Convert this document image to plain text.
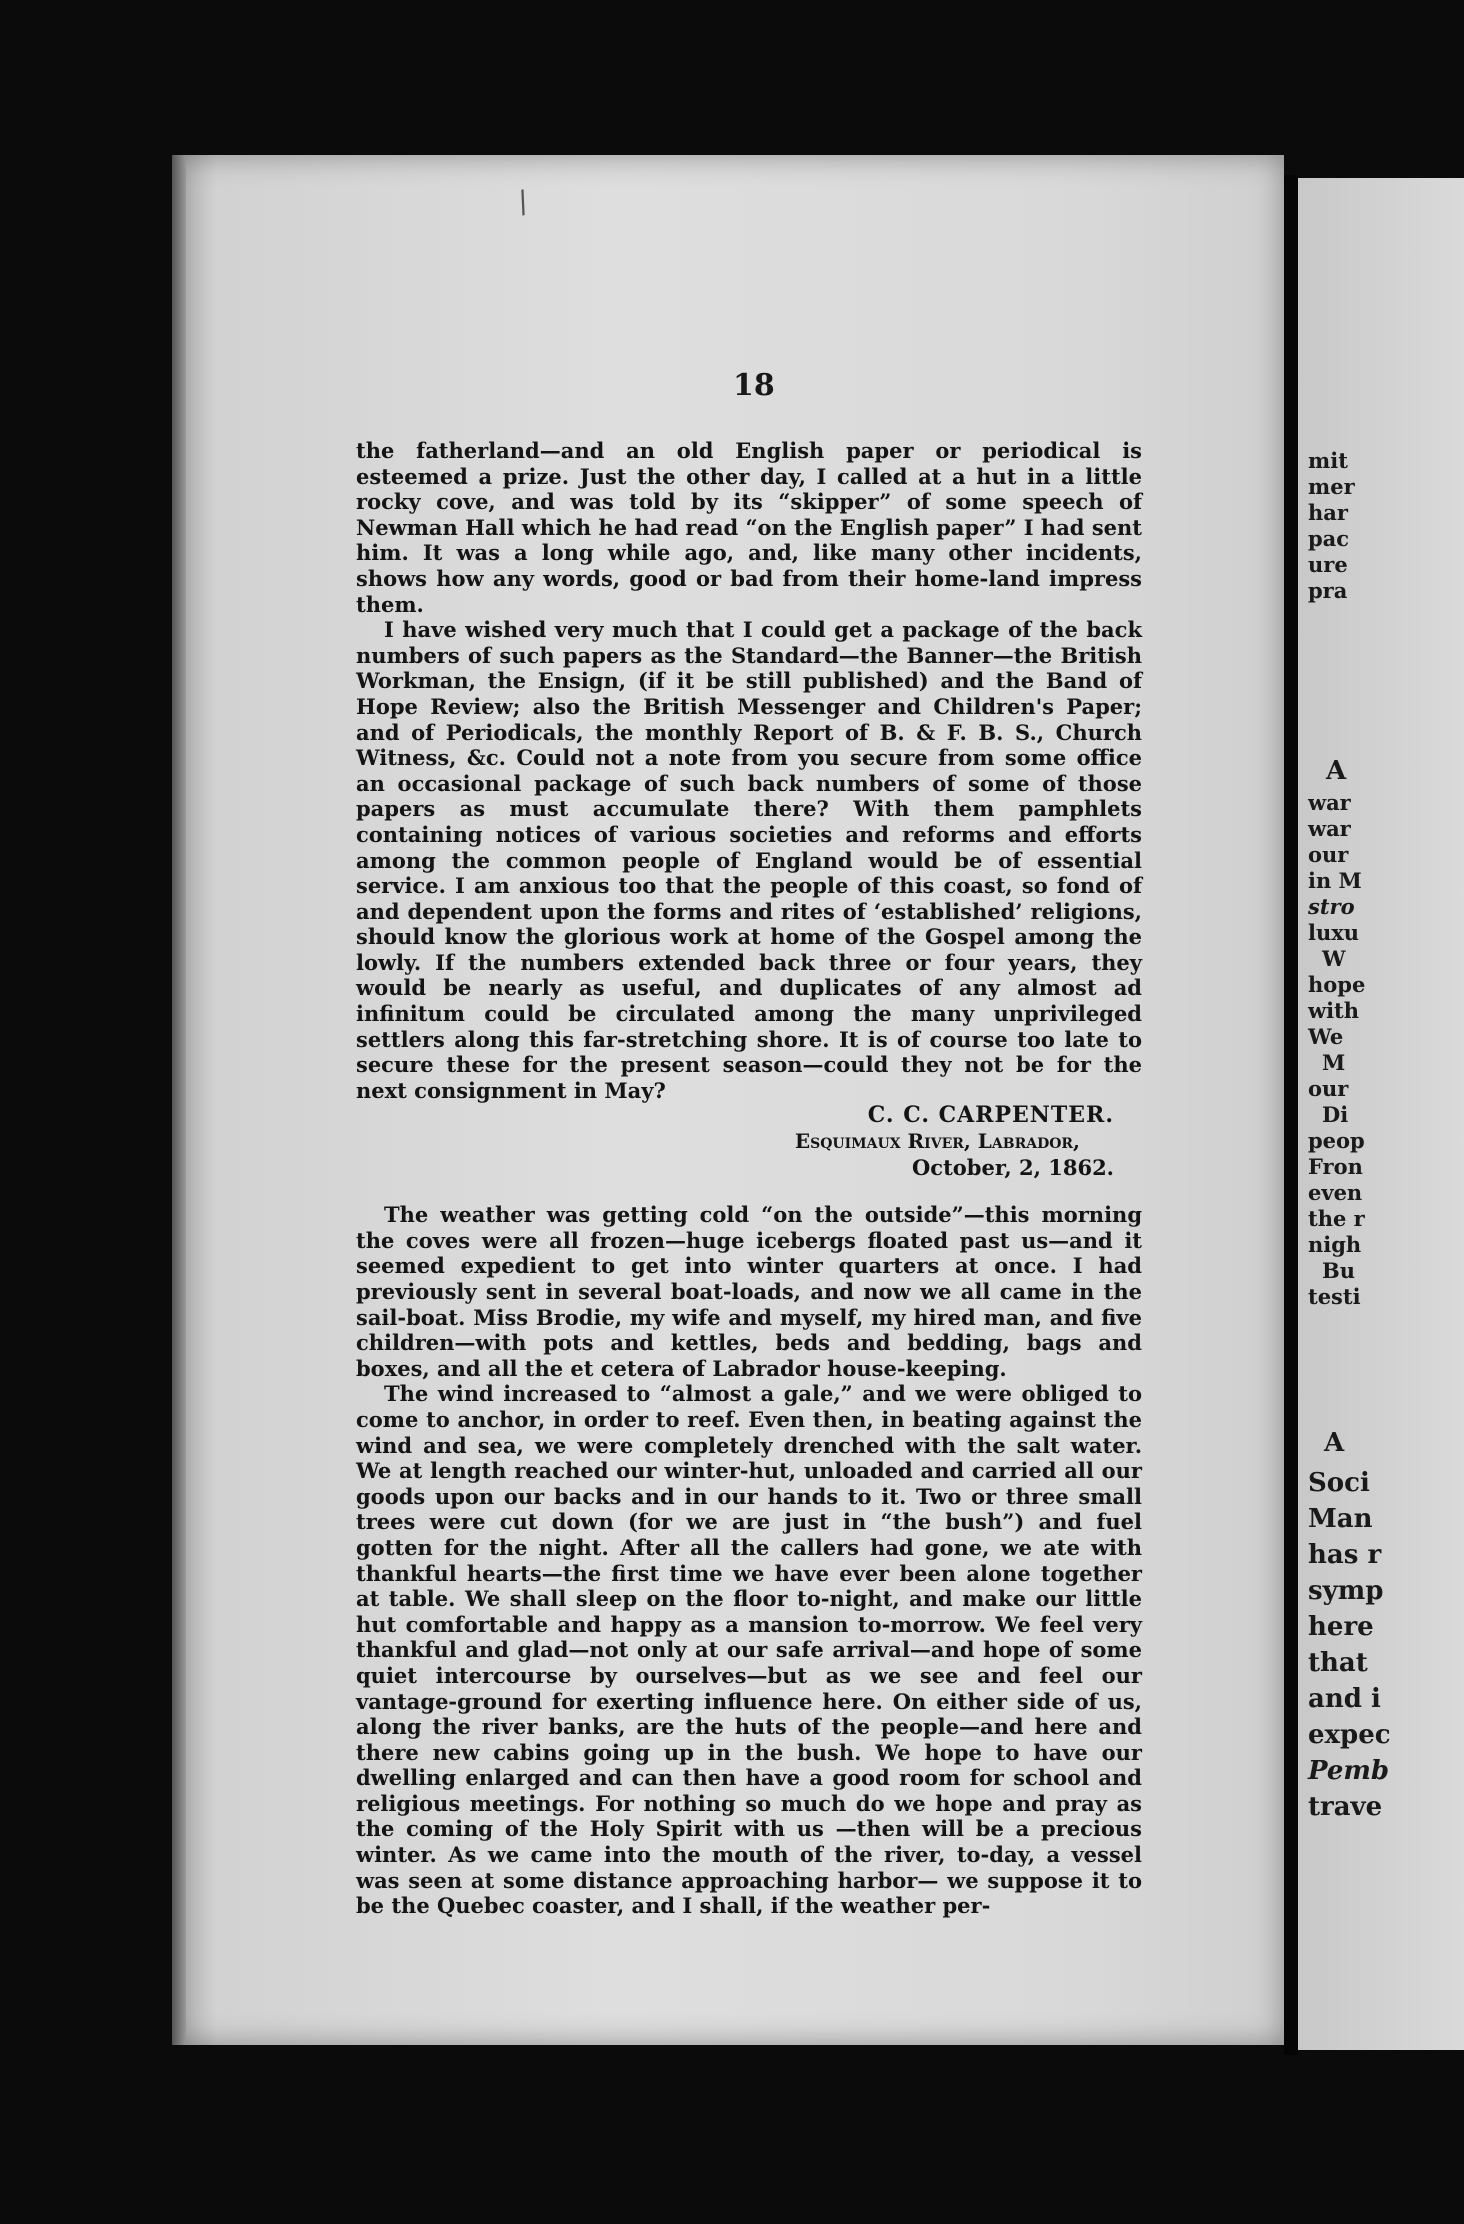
/
18

the fatherland—and an old English paper or periodical is esteemed a prize. Just the other day, I called at a hut in a little rocky cove, and was told by its “skipper” of some speech of Newman Hall which he had read “on the English paper” I had sent him. It was a long while ago, and, like many other incidents, shows how any words, good or bad from their home-land impress them.

I have wished very much that I could get a package of the back numbers of such papers as the Standard—the Banner—the British Workman, the Ensign, (if it be still published) and the Band of Hope Review; also the British Messenger and Children's Paper; and of Periodicals, the monthly Report of B. & F. B. S., Church Witness, &c. Could not a note from you secure from some office an occasional package of such back numbers of some of those papers as must accumulate there? With them pamphlets containing notices of various societies and reforms and efforts among the common people of England would be of essential service. I am anxious too that the people of this coast, so fond of and dependent upon the forms and rites of ‘established’ religions, should know the glorious work at home of the Gospel among the lowly. If the numbers extended back three or four years, they would be nearly as useful, and duplicates of any almost ad infinitum could be circulated among the many unprivileged settlers along this far-stretching shore. It is of course too late to secure these for the present season—could they not be for the next consignment in May?

C. C. CARPENTER.

Esquimaux River, Labrador,

October, 2, 1862.

The weather was getting cold “on the outside”—this morning the coves were all frozen—huge icebergs floated past us—and it seemed expedient to get into winter quarters at once. I had previously sent in several boat-loads, and now we all came in the sail-boat. Miss Brodie, my wife and myself, my hired man, and five children—with pots and kettles, beds and bedding, bags and boxes, and all the et cetera of Labrador house-keeping.

The wind increased to “almost a gale,” and we were obliged to come to anchor, in order to reef. Even then, in beating against the wind and sea, we were completely drenched with the salt water. We at length reached our winter-hut, unloaded and carried all our goods upon our backs and in our hands to it. Two or three small trees were cut down (for we are just in “the bush”) and fuel gotten for the night. After all the callers had gone, we ate with thankful hearts—the first time we have ever been alone together at table. We shall sleep on the floor to-night, and make our little hut comfortable and happy as a mansion to-morrow. We feel very thankful and glad—not only at our safe arrival—and hope of some quiet intercourse by ourselves—but as we see and feel our vantage-ground for exerting influence here. On either side of us, along the river banks, are the huts of the people—and here and there new cabins going up in the bush. We hope to have our dwelling enlarged and can then have a good room for school and religious meetings. For nothing so much do we hope and pray as the coming of the Holy Spirit with us —then will be a precious winter. As we came into the mouth of the river, to-day, a vessel was seen at some distance approaching harbor— we suppose it to be the Quebec coaster, and I shall, if the weather per-

mit
mer
har
pac
ure
pra
A
war
war
our
in M
stro
luxu
W
hope
with
We
M
our
Di
peop
Fron
even
the r
nigh
Bu
testi
A
Soci
Man
has r
symp
here
that
and i
expec
Pemb
trave
